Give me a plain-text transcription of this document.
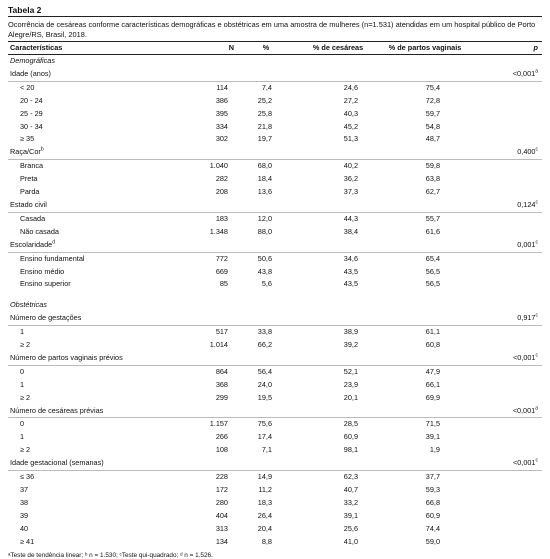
Tabela 2
Ocorrência de cesáreas conforme características demográficas e obstétricas em uma amostra de mulheres (n=1.531) atendidas em um hospital público de Porto Alegre/RS, Brasil, 2018.
Características	N	%	% de cesáreas	% de partos vaginais	p
Demográficas					
Idade (anos)					<0,001$^a$
< 20	114	7,4	24,6	75,4	
20 - 24	386	25,2	27,2	72,8	
25 - 29	395	25,8	40,3	59,7	
30 - 34	334	21,8	45,2	54,8	
≥ 35	302	19,7	51,3	48,7	
Raça/Cor$^b$					0,400$^c$
Branca	1.040	68,0	40,2	59,8	
Preta	282	18,4	36,2	63,8	
Parda	208	13,6	37,3	62,7	
Estado civil					0,124$^c$
Casada	183	12,0	44,3	55,7	
Não casada	1.348	88,0	38,4	61,6	
Escolaridade$^d$					0,001$^c$
Ensino fundamental	772	50,6	34,6	65,4	
Ensino médio	669	43,8	43,5	56,5	
Ensino superior	85	5,6	43,5	56,5	

Obstétricas					
Número de gestações					0,917$^c$
1	517	33,8	38,9	61,1	
≥ 2	1.014	66,2	39,2	60,8	
Número de partos vaginais prévios					<0,001$^c$
0	864	56,4	52,1	47,9	
1	368	24,0	23,9	66,1	
≥ 2	299	19,5	20,1	69,9	
Número de cesáreas prévias					<0,001$^a$
0	1.157	75,6	28,5	71,5	
1	266	17,4	60,9	39,1	
≥ 2	108	7,1	98,1	1,9	
Idade gestacional (semanas)					<0,001$^c$
≤ 36	228	14,9	62,3	37,7	
37	172	11,2	40,7	59,3	
38	280	18,3	33,2	66,8	
39	404	26,4	39,1	60,9	
40	313	20,4	25,6	74,4	
≥ 41	134	8,8	41,0	59,0	
ᵃTeste de tendência linear; ᵇ n = 1.530; ᶜTeste qui-quadrado; ᵈ n = 1.526.
